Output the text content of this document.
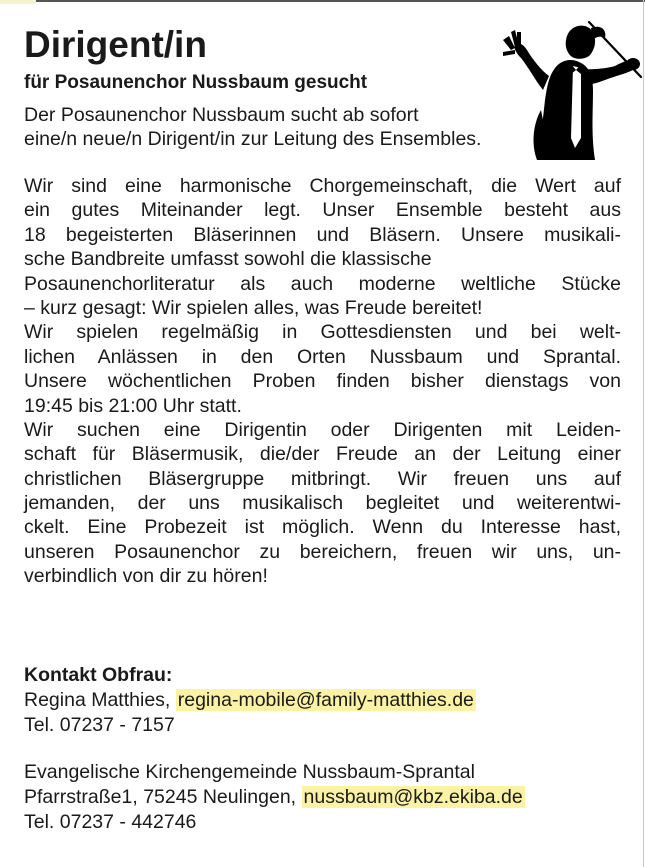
Dirigent/in
für Posaunenchor Nussbaum gesucht
Der Posaunenchor Nussbaum sucht ab sofort
eine/n neue/n Dirigent/in zur Leitung des Ensembles.
Wir sind eine harmonische Chorgemeinschaft, die Wert auf
ein gutes Miteinander legt. Unser Ensemble besteht aus
18 begeisterten Bläserinnen und Bläsern. Unsere musikali-
sche Bandbreite umfasst sowohl die klassische
Posaunenchorliteratur als auch moderne weltliche Stücke
– kurz gesagt: Wir spielen alles, was Freude bereitet!
Wir spielen regelmäßig in Gottesdiensten und bei welt-
lichen Anlässen in den Orten Nussbaum und Sprantal.
Unsere wöchentlichen Proben finden bisher dienstags von
19:45 bis 21:00 Uhr statt.
Wir suchen eine Dirigentin oder Dirigenten mit Leiden-
schaft für Bläsermusik, die/der Freude an der Leitung einer
christlichen Bläsergruppe mitbringt. Wir freuen uns auf
jemanden, der uns musikalisch begleitet und weiterentwi-
ckelt. Eine Probezeit ist möglich. Wenn du Interesse hast,
unseren Posaunenchor zu bereichern, freuen wir uns, un-
verbindlich von dir zu hören!
Kontakt Obfrau:
Regina Matthies, regina-mobile@family-matthies.de
Tel. 07237 - 7157
Evangelische Kirchengemeinde Nussbaum-Sprantal
Pfarrstraße1, 75245 Neulingen, nussbaum@kbz.ekiba.de
Tel. 07237 - 442746
